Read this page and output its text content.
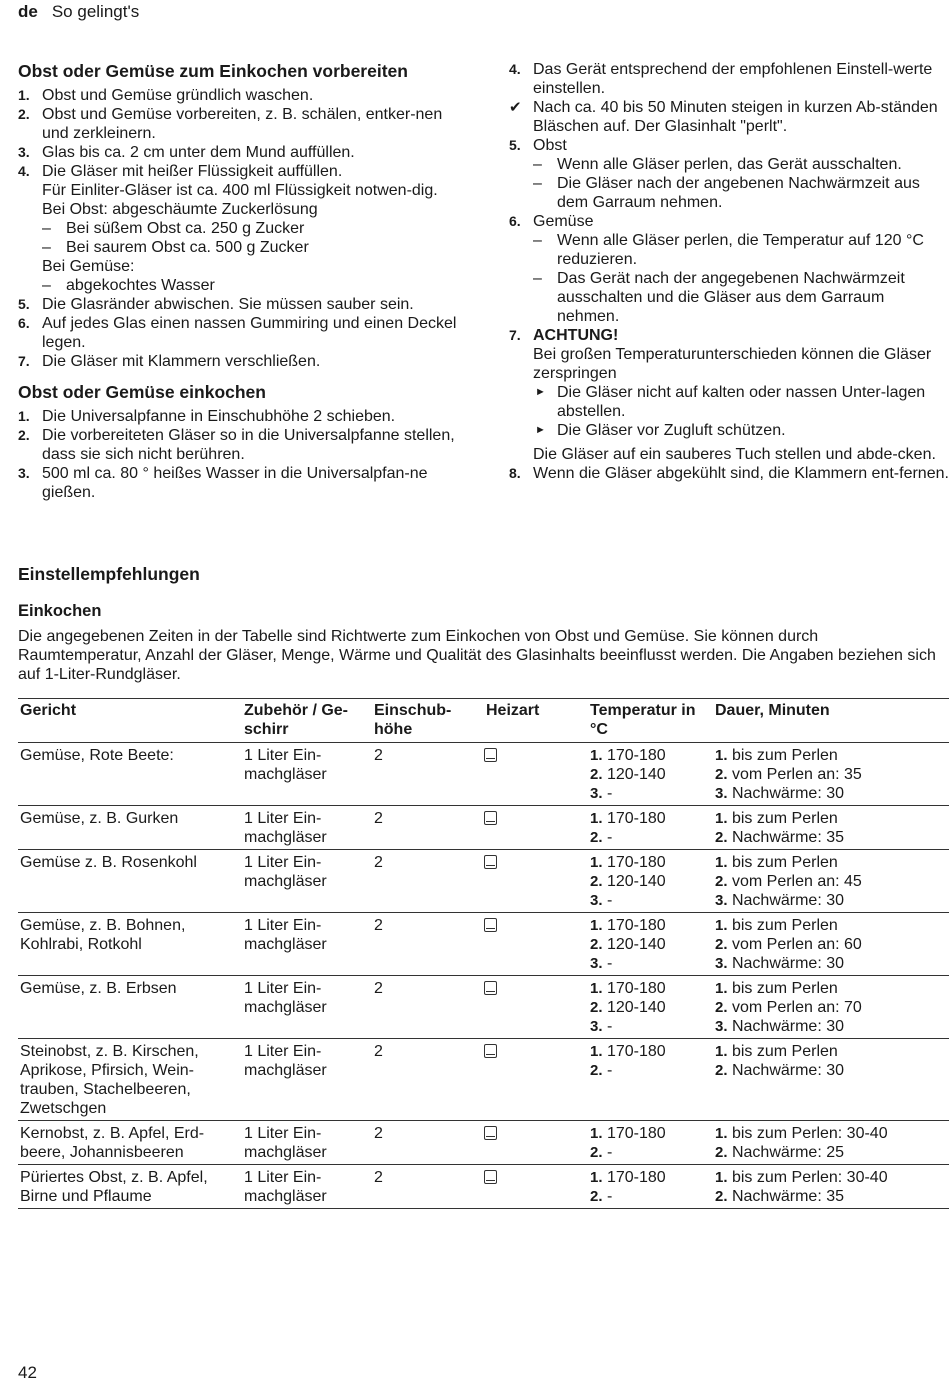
de So gelingt's
Obst oder Gemüse zum Einkochen vorbereiten
1. Obst und Gemüse gründlich waschen.
2. Obst und Gemüse vorbereiten, z. B. schälen, entker-nen und zerkleinern.
3. Glas bis ca. 2 cm unter dem Mund auffüllen.
4. Die Gläser mit heißer Flüssigkeit auffüllen.
Für Einliter-Gläser ist ca. 400 ml Flüssigkeit notwen-dig.
Bei Obst: abgeschäumte Zuckerlösung
– Bei süßem Obst ca. 250 g Zucker
– Bei saurem Obst ca. 500 g Zucker
Bei Gemüse:
– abgekochtes Wasser
5. Die Glasränder abwischen. Sie müssen sauber sein.
6. Auf jedes Glas einen nassen Gummiring und einen Deckel legen.
7. Die Gläser mit Klammern verschließen.
Obst oder Gemüse einkochen
1. Die Universalpfanne in Einschubhöhe 2 schieben.
2. Die vorbereiteten Gläser so in die Universalpfanne stellen, dass sie sich nicht berühren.
3. 500 ml ca. 80 ° heißes Wasser in die Universalpfan-ne gießen.
4. Das Gerät entsprechend der empfohlenen Einstell-werte einstellen.
✔ Nach ca. 40 bis 50 Minuten steigen in kurzen Ab-ständen Bläschen auf. Der Glasinhalt "perlt".
5. Obst
– Wenn alle Gläser perlen, das Gerät ausschalten.
– Die Gläser nach der angebenen Nachwärmzeit aus dem Garraum nehmen.
6. Gemüse
– Wenn alle Gläser perlen, die Temperatur auf 120 °C reduzieren.
– Das Gerät nach der angegebenen Nachwärmzeit ausschalten und die Gläser aus dem Garraum nehmen.
7. ACHTUNG!
Bei großen Temperaturunterschieden können die Gläser zerspringen
► Die Gläser nicht auf kalten oder nassen Unter-lagen abstellen.
► Die Gläser vor Zugluft schützen.
Die Gläser auf ein sauberes Tuch stellen und abde-cken.
8. Wenn die Gläser abgekühlt sind, die Klammern ent-fernen.
Einstellempfehlungen
Einkochen

Die angegebenen Zeiten in der Tabelle sind Richtwerte zum Einkochen von Obst und Gemüse. Sie können durch Raumtemperatur, Anzahl der Gläser, Menge, Wärme und Qualität des Glasinhalts beeinflusst werden. Die Angaben beziehen sich auf 1-Liter-Rundgläser.

Gericht	Zubehör / Ge-schirr	Einschub-höhe	Heizart	Temperatur in °C	Dauer, Minuten
Gemüse, Rote Beete:	1 Liter Ein-machgläser	2		1. 170-180
2. 120-140
3. -	1. bis zum Perlen
2. vom Perlen an: 35
3. Nachwärme: 30

Gemüse, z. B. Gurken	1 Liter Ein-machgläser	2		1. 170-180
2. -	1. bis zum Perlen
2. Nachwärme: 35

Gemüse z. B. Rosenkohl	1 Liter Ein-machgläser	2		1. 170-180
2. 120-140
3. -	1. bis zum Perlen
2. vom Perlen an: 45
3. Nachwärme: 30

Gemüse, z. B. Bohnen, Kohlrabi, Rotkohl	1 Liter Ein-machgläser	2		1. 170-180
2. 120-140
3. -	1. bis zum Perlen
2. vom Perlen an: 60
3. Nachwärme: 30

Gemüse, z. B. Erbsen	1 Liter Ein-machgläser	2		1. 170-180
2. 120-140
3. -	1. bis zum Perlen
2. vom Perlen an: 70
3. Nachwärme: 30

Steinobst, z. B. Kirschen, Aprikose, Pfirsich, Wein-trauben, Stachelbeeren, Zwetschgen	1 Liter Ein-machgläser	2		1. 170-180
2. -	1. bis zum Perlen
2. Nachwärme: 30

Kernobst, z. B. Apfel, Erd-beere, Johannisbeeren	1 Liter Ein-machgläser	2		1. 170-180
2. -	1. bis zum Perlen: 30-40
2. Nachwärme: 25

Püriertes Obst, z. B. Apfel, Birne und Pflaume	1 Liter Ein-machgläser	2		1. 170-180
2. -	1. bis zum Perlen: 30-40
2. Nachwärme: 35
42
